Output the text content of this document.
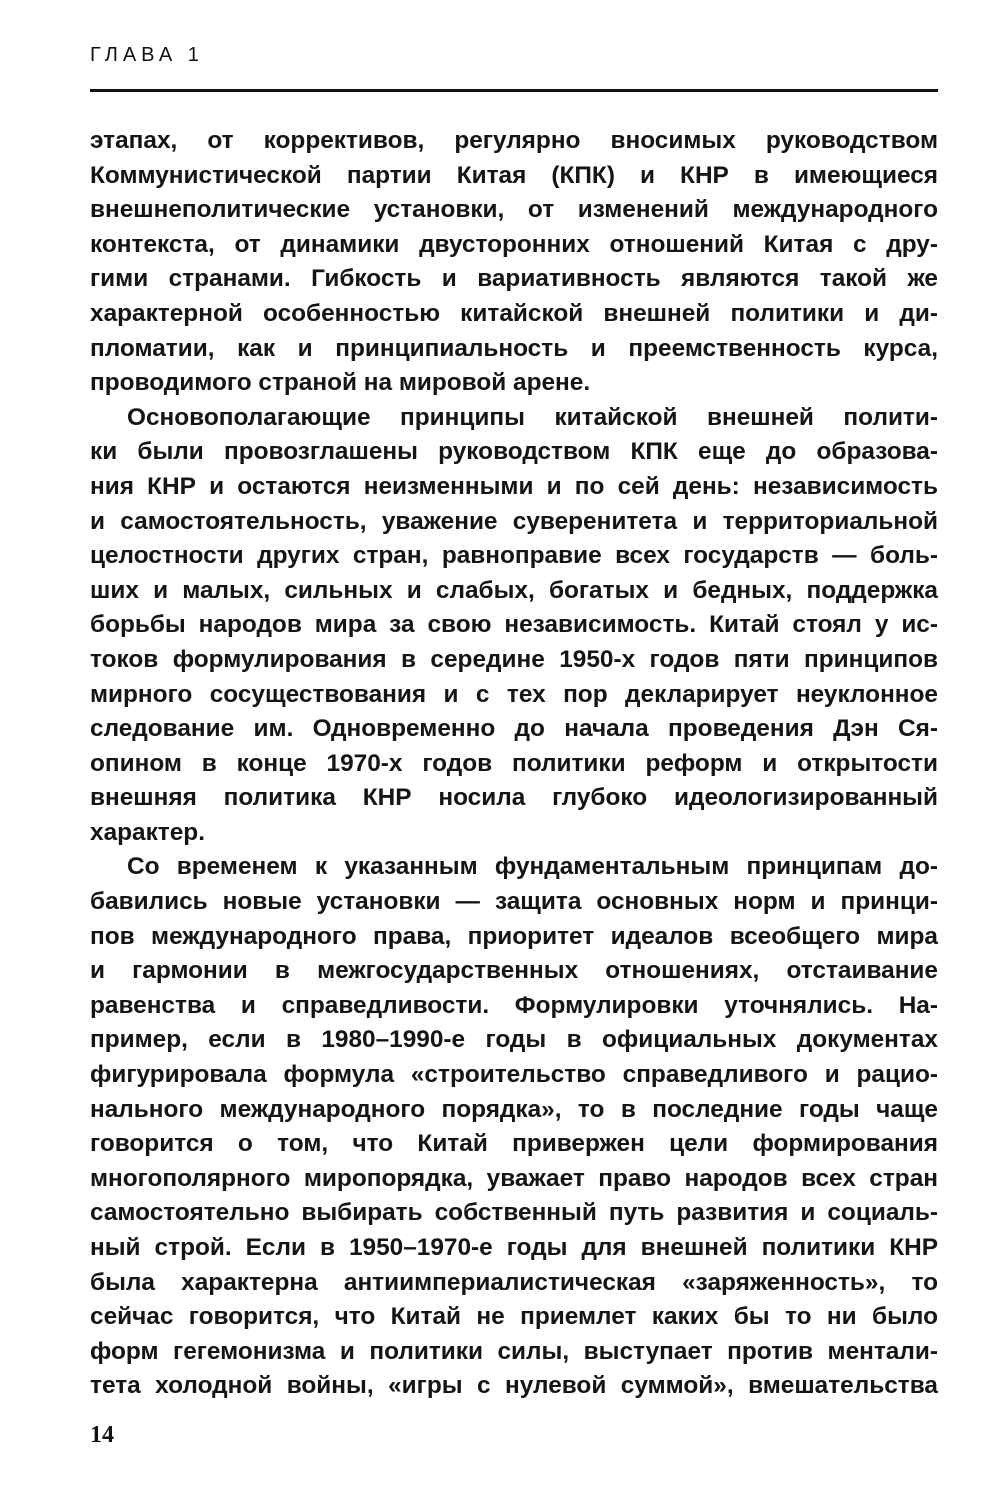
ГЛАВА 1
этапах, от коррективов, регулярно вносимых руководством
Коммунистической партии Китая (КПК) и КНР в имеющиеся
внешнеполитические установки, от изменений международного
контекста, от динамики двусторонних отношений Китая с дру-
гими странами. Гибкость и вариативность являются такой же
характерной особенностью китайской внешней политики и ди-
пломатии, как и принципиальность и преемственность курса,
проводимого страной на мировой арене.
Основополагающие принципы китайской внешней полити-
ки были провозглашены руководством КПК еще до образова-
ния КНР и остаются неизменными и по сей день: независимость
и самостоятельность, уважение суверенитета и территориальной
целостности других стран, равноправие всех государств — боль-
ших и малых, сильных и слабых, богатых и бедных, поддержка
борьбы народов мира за свою независимость. Китай стоял у ис-
токов формулирования в середине 1950-х годов пяти принципов
мирного сосуществования и с тех пор декларирует неуклонное
следование им. Одновременно до начала проведения Дэн Ся-
опином в конце 1970-х годов политики реформ и открытости
внешняя политика КНР носила глубоко идеологизированный
характер.
Со временем к указанным фундаментальным принципам до-
бавились новые установки — защита основных норм и принци-
пов международного права, приоритет идеалов всеобщего мира
и гармонии в межгосударственных отношениях, отстаивание
равенства и справедливости. Формулировки уточнялись. На-
пример, если в 1980–1990-е годы в официальных документах
фигурировала формула «строительство справедливого и рацио-
нального международного порядка», то в последние годы чаще
говорится о том, что Китай привержен цели формирования
многополярного миропорядка, уважает право народов всех стран
самостоятельно выбирать собственный путь развития и социаль-
ный строй. Если в 1950–1970-е годы для внешней политики КНР
была характерна антиимпериалистическая «заряженность», то
сейчас говорится, что Китай не приемлет каких бы то ни было
форм гегемонизма и политики силы, выступает против ментали-
тета холодной войны, «игры с нулевой суммой», вмешательства
14
